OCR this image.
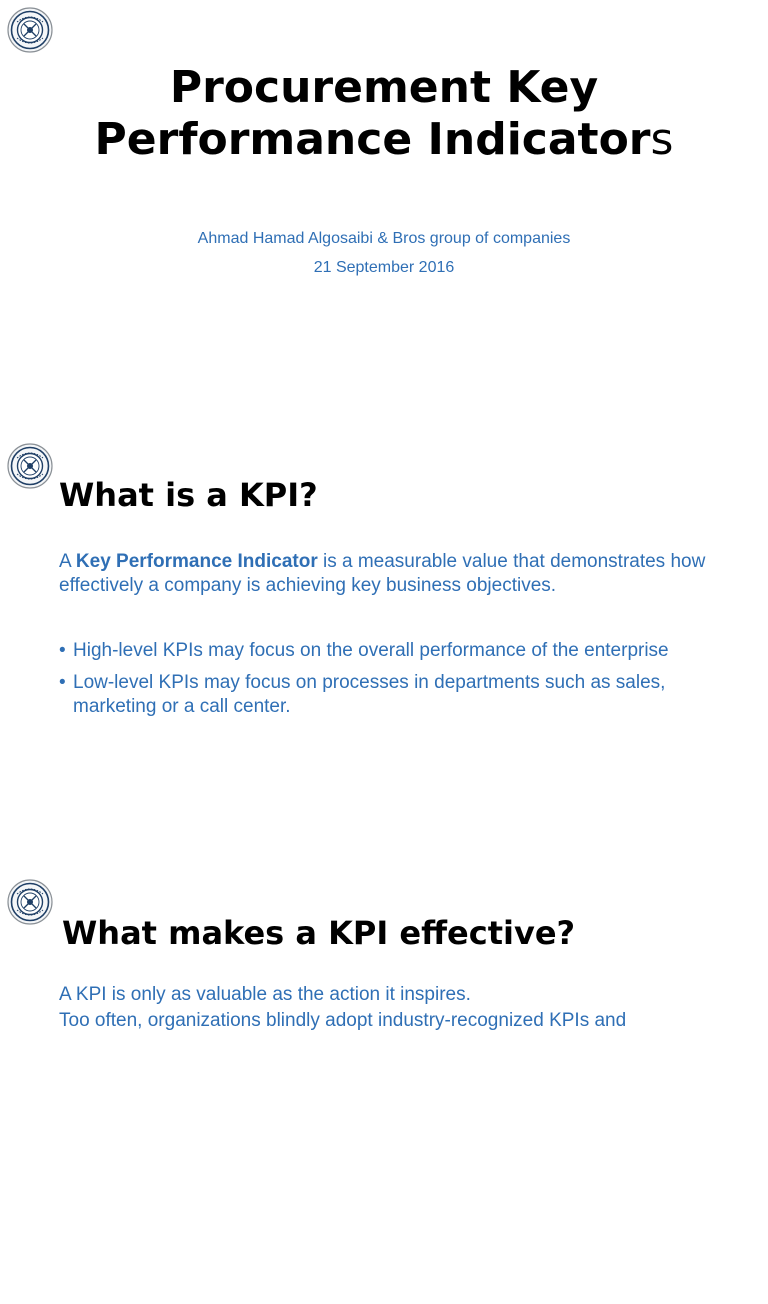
Procurement Key Performance Indicators

Ahmad Hamad Algosaibi & Bros group of companies

21 September 2016

What is a KPI?

A Key Performance Indicator is a measurable value that demonstrates how effectively a company is achieving key business objectives.

• High-level KPIs may focus on the overall performance of the enterprise
• Low-level KPIs may focus on processes in departments such as sales, marketing or a call center.
What makes a KPI effective?

A KPI is only as valuable as the action it inspires.

Too often, organizations blindly adopt industry-recognized KPIs and
